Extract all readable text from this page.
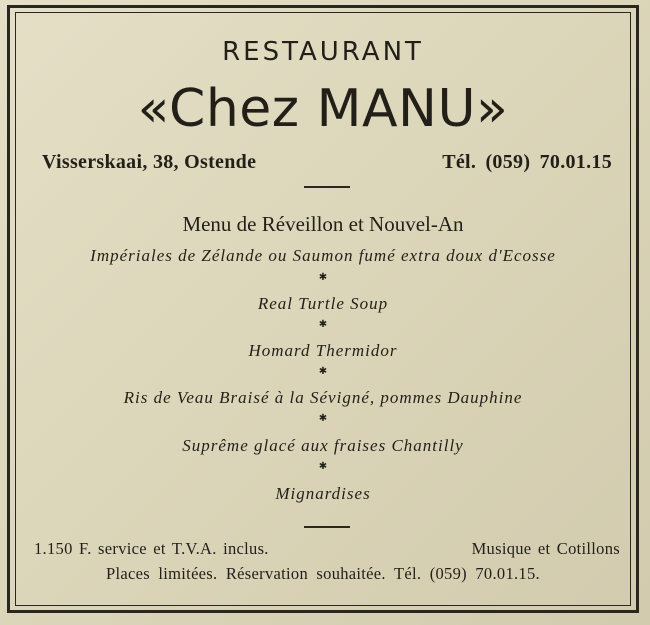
RESTAURANT
«Chez MANU»
Visserskaai, 38, Ostende	Tél. (059) 70.01.15
Menu de Réveillon et Nouvel-An
Impériales de Zélande ou Saumon fumé extra doux d'Ecosse
✱
Real Turtle Soup
✱
Homard Thermidor
✱
Ris de Veau Braisé à la Sévigné, pommes Dauphine
✱
Suprême glacé aux fraises Chantilly
✱
Mignardises
1.150 F. service et T.V.A. inclus.	Musique et Cotillons
Places limitées. Réservation souhaitée. Tél. (059) 70.01.15.
